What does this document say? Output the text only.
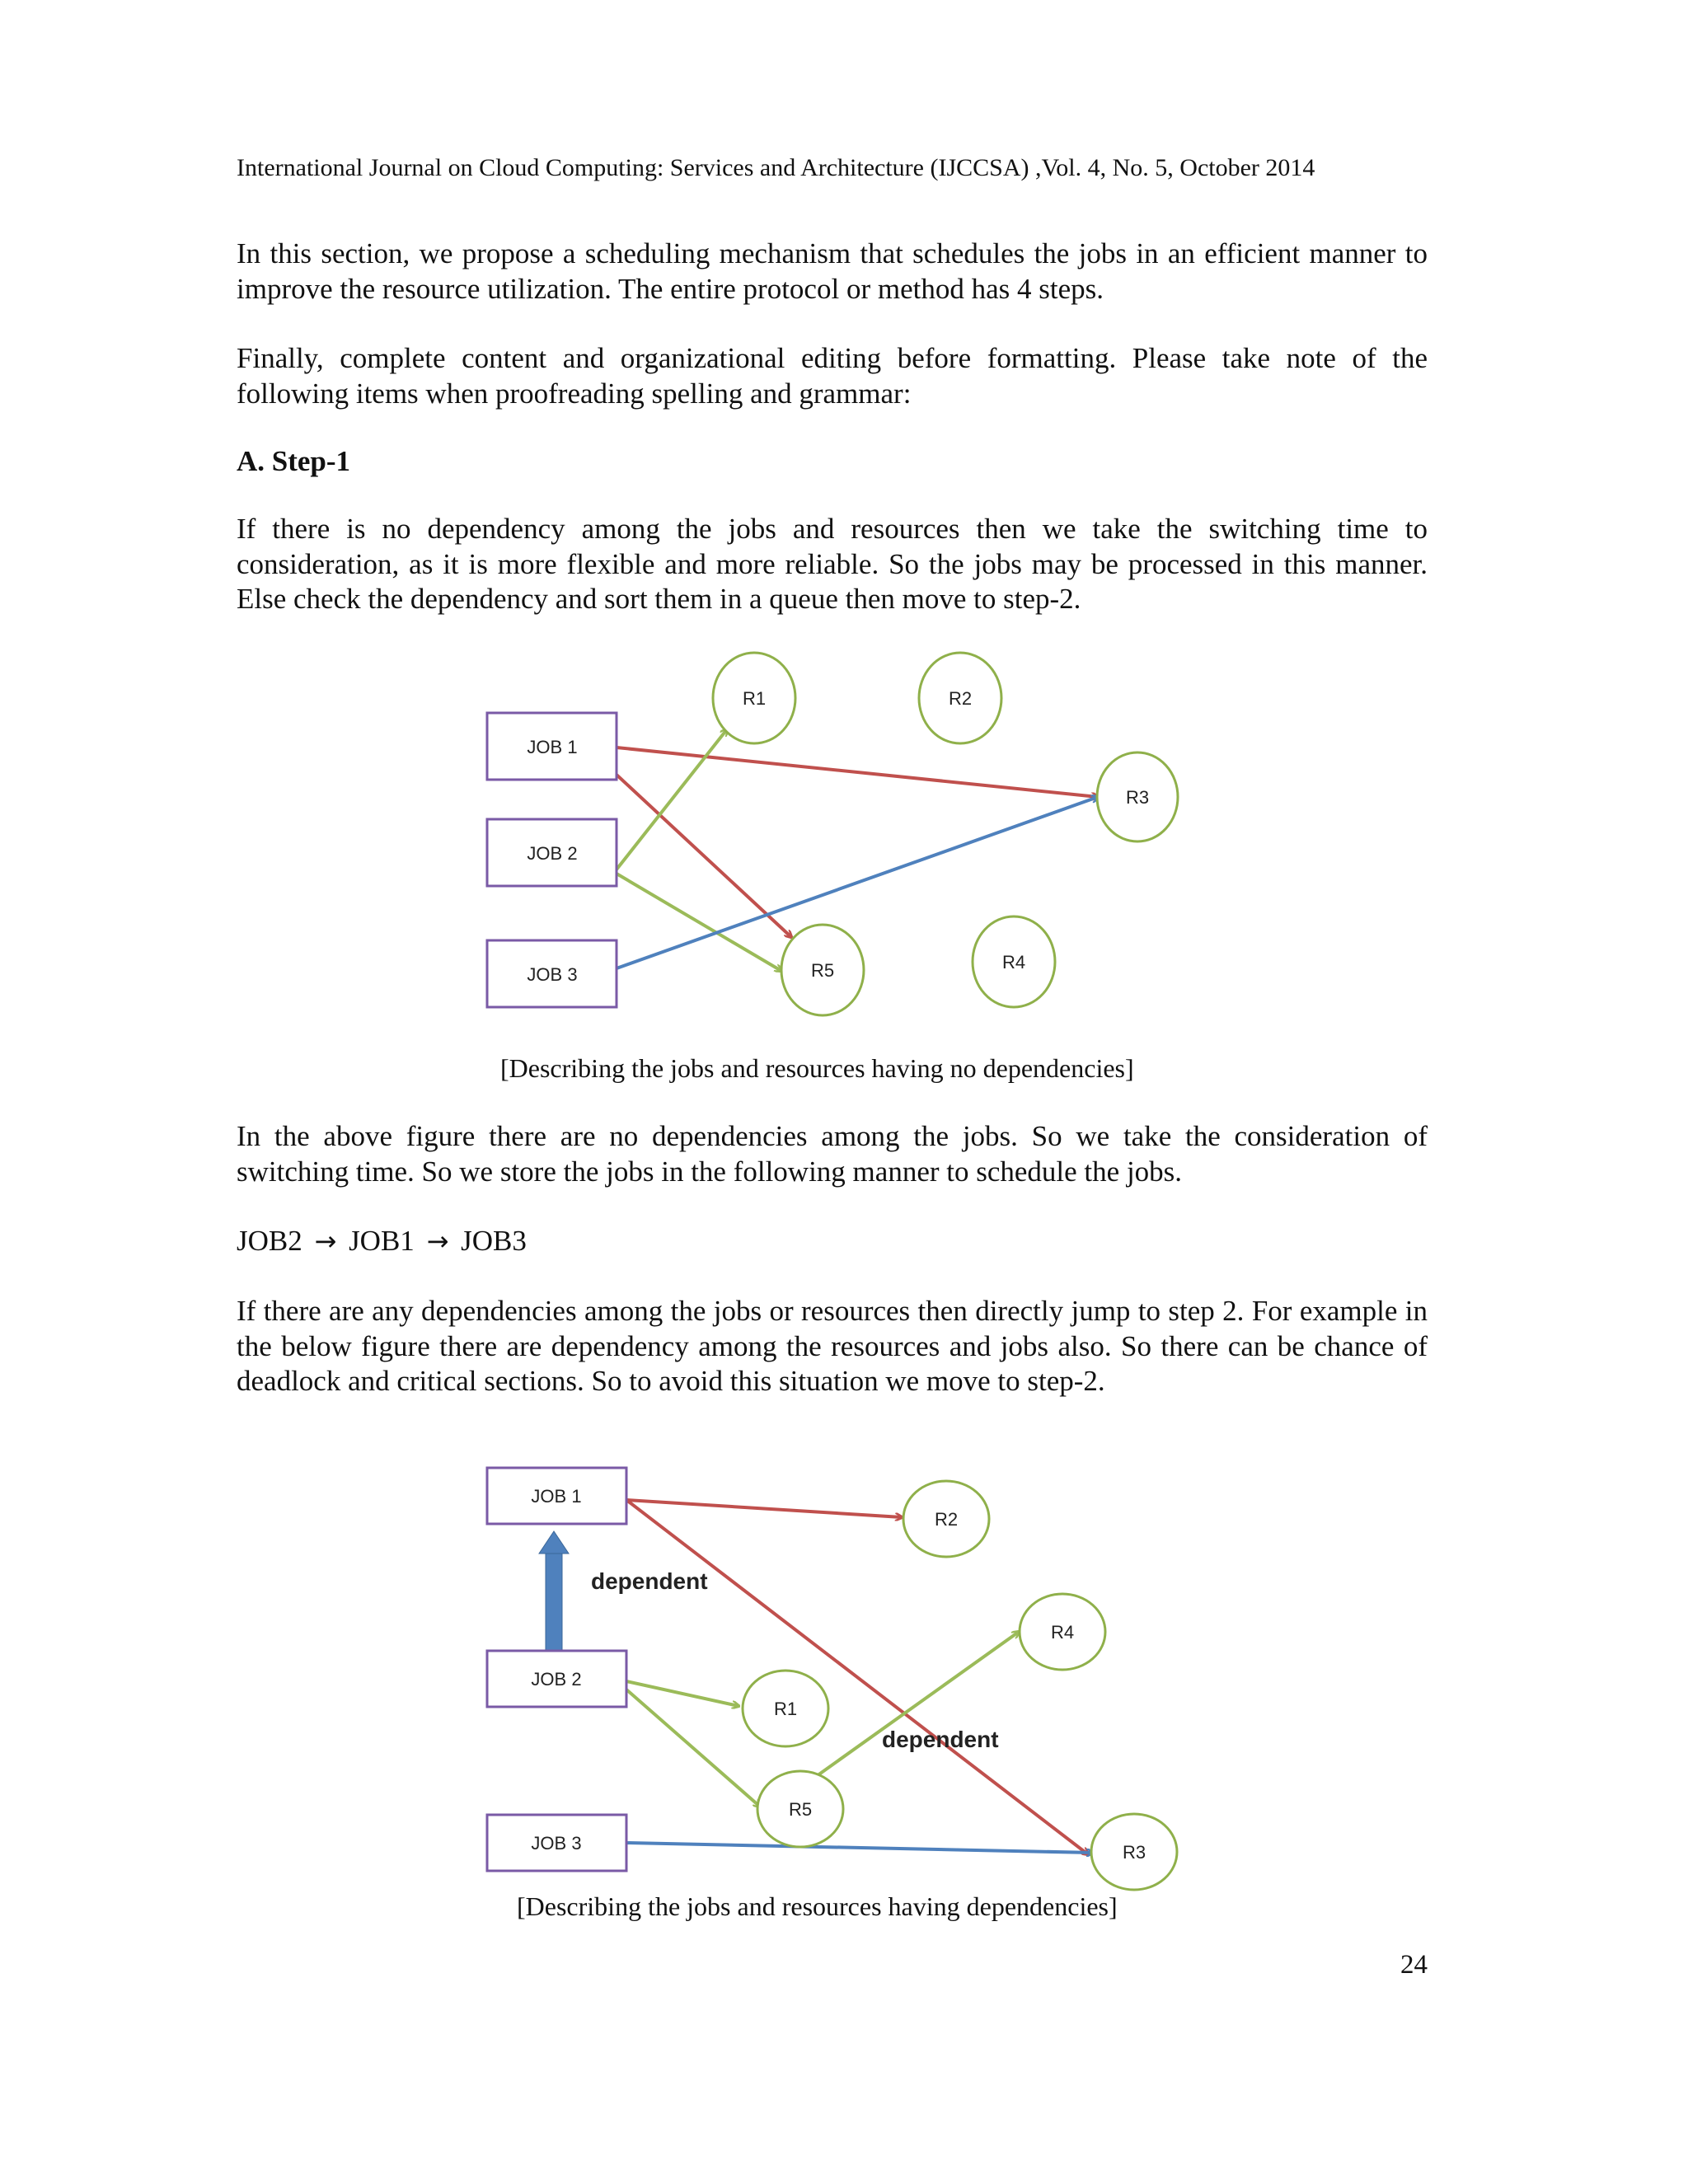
International Journal on Cloud Computing: Services and Architecture (IJCCSA) ,Vol. 4, No. 5, October 2014

In this section, we propose a scheduling mechanism that schedules the jobs in an efficient manner to improve the resource utilization. The entire protocol or method has 4 steps.

Finally, complete content and organizational editing before formatting. Please take note of the following items when proofreading spelling and grammar:

A. Step-1

If there is no dependency among the jobs and resources then we take the switching time to consideration, as it is more flexible and more reliable. So the jobs may be processed in this manner. Else check the dependency and sort them in a queue then move to step-2.

JOB 1
JOB 2
JOB 3
R1	R2
R3
R4
R5
[Describing the jobs and resources having no dependencies]

In the above figure there are no dependencies among the jobs. So we take the consideration of switching time. So we store the jobs in the following manner to schedule the jobs.

JOB2 → JOB1 → JOB3

If there are any dependencies among the jobs or resources then directly jump to step 2. For example in the below figure there are dependency among the resources and jobs also. So there can be chance of deadlock and critical sections. So to avoid this situation we move to step-2.

dependent
dependent
JOB 1
JOB 2
JOB 3
R2
R4
R1
R5
R3
[Describing the jobs and resources having dependencies]
24
